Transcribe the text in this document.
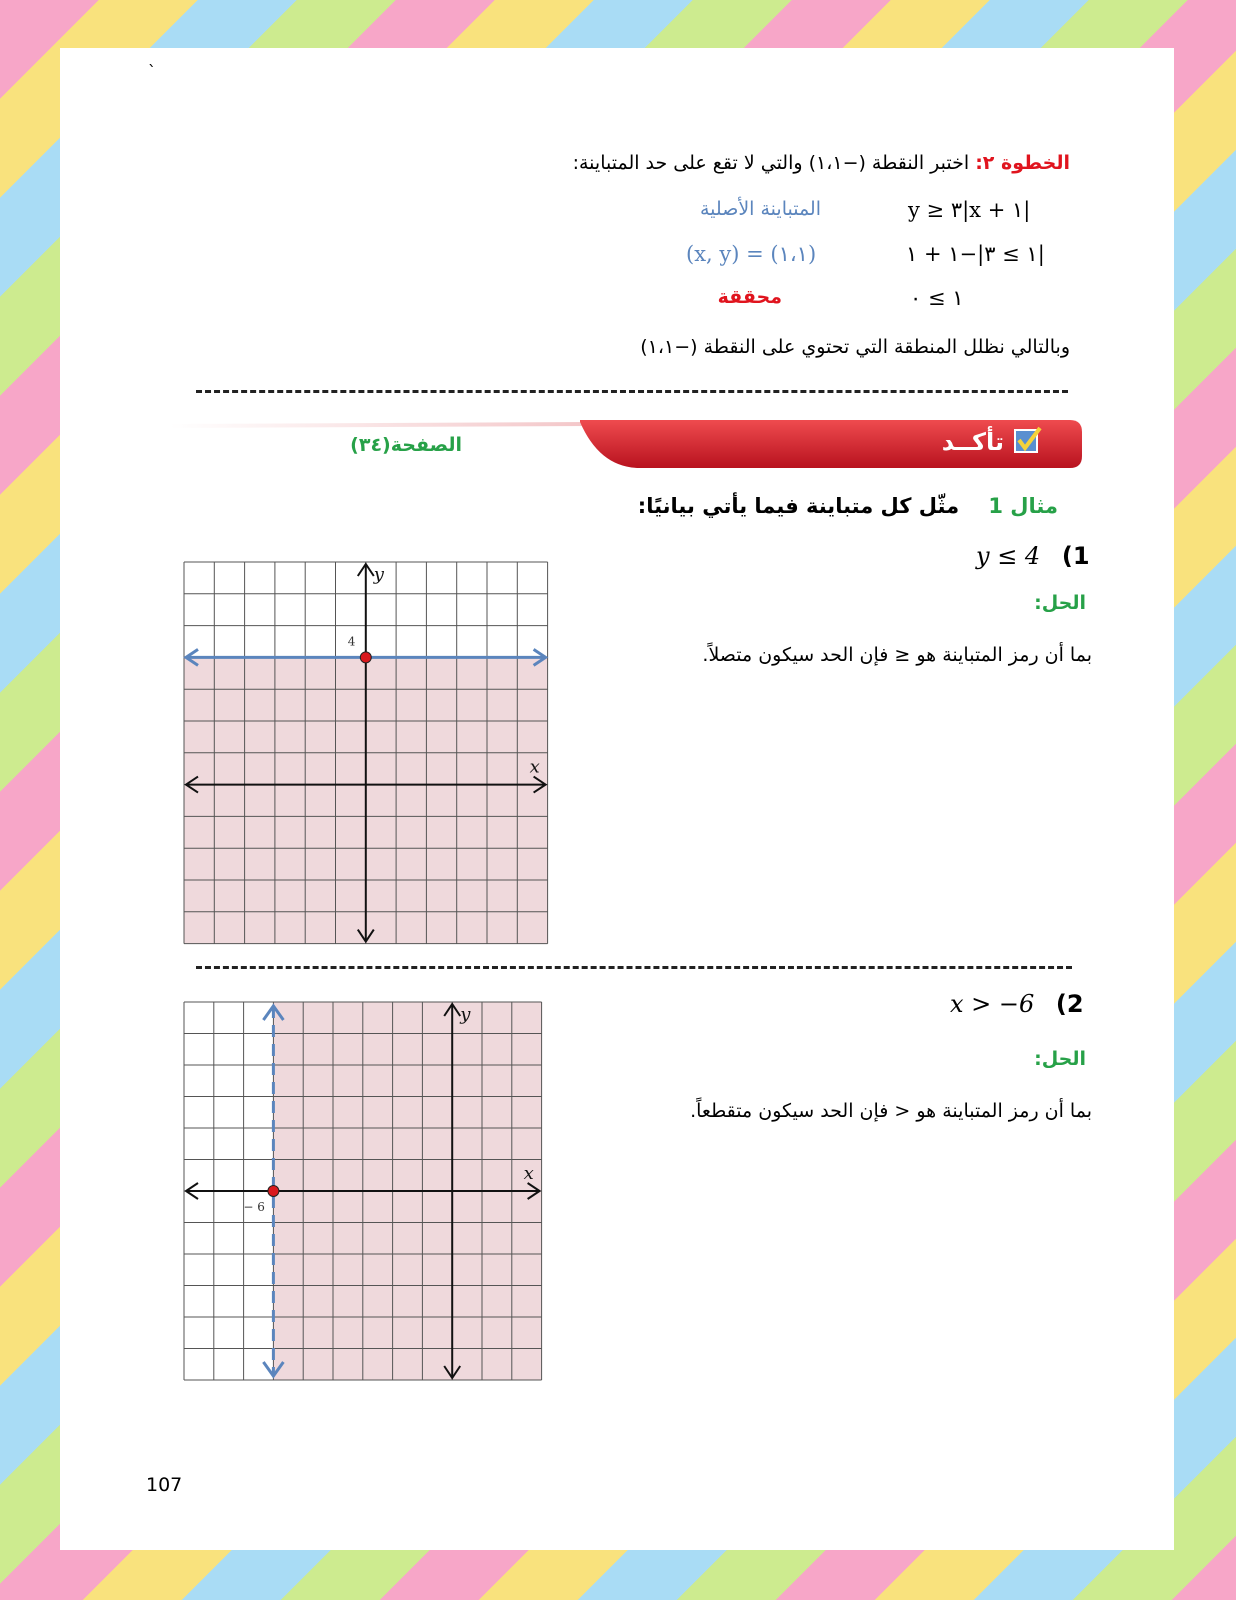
`
الخطوة ٢: اختبر النقطة (−١،١) والتي لا تقع على حد المتباينة:
y ≥ ٣|x + ١|
المتباينة الأصلية
١ ≥ ٣|−١ + ١|
(x, y) = (١،١)
١ ≥ ٠
محققة
وبالتالي نظلل المنطقة التي تحتوي على النقطة (−١،١)
تأكــد
الصفحة(٣٤)
مثال 1    مثّل كل متباينة فيما يأتي بيانيًا:
y ≤ 4 (1
الحل:
بما أن رمز المتباينة هو ≤ فإن الحد سيكون متصلاً.
x
y
4
x > −6 (2
الحل:
بما أن رمز المتباينة هو < فإن الحد سيكون متقطعاً.
x
y
− 6
107
